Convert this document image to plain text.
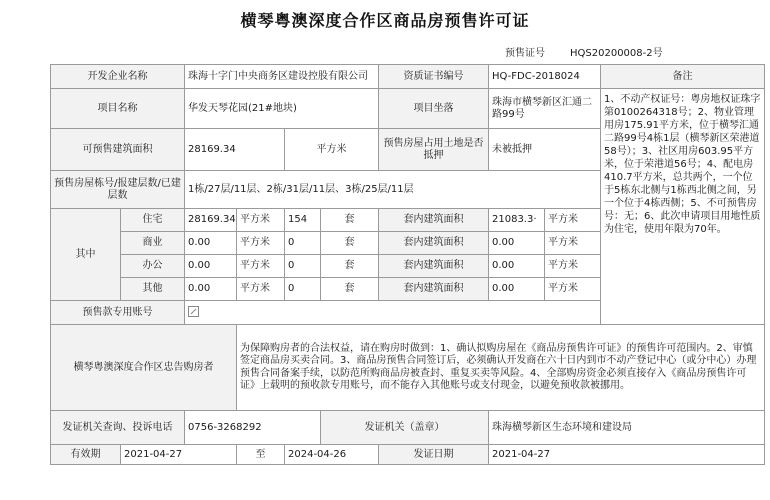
横琴粤澳深度合作区商品房预售许可证
预售证号	HQS20200008-2号
开发企业名称		珠海十字门中央商务区建设控股有限公司				资质证书编号	HQ-FDC-2018024		备注
项目名称		华发天琴花园(21#地块)				项目坐落	珠海市横琴新区汇通二路99号		1、不动产权证号：粤房地权证珠字第0100264318号；2、物业管理用房175.91平方米，位于横琴汇通二路99号4栋1层（横琴新区荣港道58号）；3、社区用房603.95平方米，位于荣港道56号；4、配电房410.7平方米，总共两个，一个位于5栋东北侧与1栋西北侧之间，另一个位于4栋西侧；5、不可预售房号：无；6、此次申请项目用地性质为住宅，使用年限为70年。

可预售建筑面积		28169.34		平方米		预售房屋占用土地是否抵押	未被抵押		
预售房屋栋号/报建层数/已建层数		1栋/27层/11层、2栋/31层/11层、3栋/25层/11层							
其中	住宅	28169.34	平方米	154	套	套内建筑面积	21083.3·	平方米	
	商业	0.00	平方米	0	套	套内建筑面积	0.00	平方米	
	办公	0.00	平方米	0	套	套内建筑面积	0.00	平方米	
	其他	0.00	平方米	0	套	套内建筑面积	0.00	平方米	
预售款专用账号									
横琴粤澳深度合作区忠告购房者			为保障购房者的合法权益，请在购房时做到：1、确认拟购房屋在《商品房预售许可证》的预售许可范围内。2、审慎签定商品房买卖合同。3、商品房预售合同签订后，必须确认开发商在六十日内到市不动产登记中心（或分中心）办理预售合同备案手续，以防范所购商品房被查封、重复买卖等风险。4、全部购房资金必须直接存入《商品房预售许可证》上载明的预收款专用账号，而不能存入其他账号或支付现金，以避免预收款被挪用。						

发证机关查询、投诉电话		0756-3268292			发证机关（盖章）		珠海横琴新区生态环境和建设局		
有效期	2021-04-27		至	2024-04-26		发证日期	2021-04-27		
